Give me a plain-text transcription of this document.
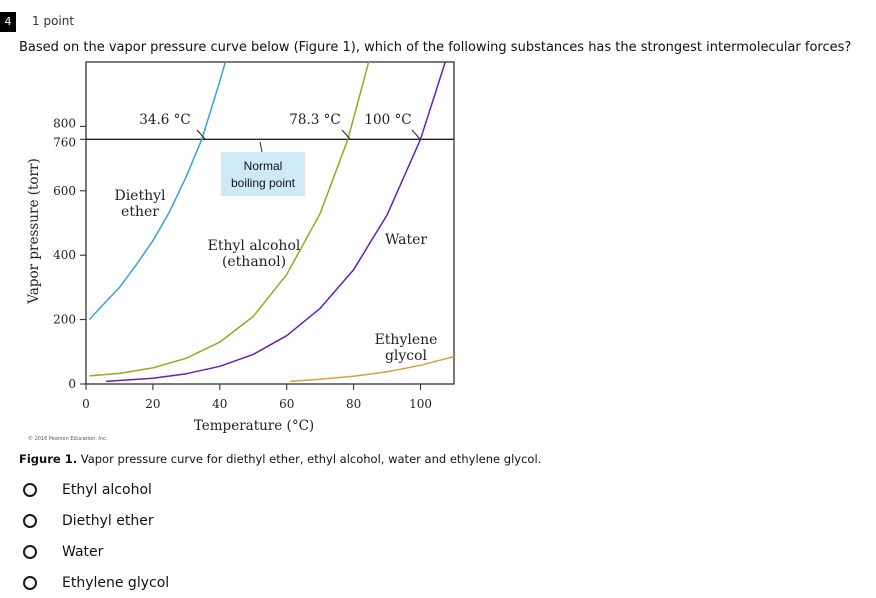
4	1 point
Based on the vapor pressure curve below (Figure 1), which of the following substances has the strongest intermolecular forces?
0
200
400
600
760
800
0	20	40	60	80	100
Temperature (°C)
Vapor pressure (torr)	Diethyl ether
Ethyl alcohol (ethanol)
Water
Ethylene glycol
34.6 °C	78.3 °C 100 °C
Normal boiling point
© 2016 Pearson Education, Inc.
Figure 1. Vapor pressure curve for diethyl ether, ethyl alcohol, water and ethylene glycol.
Ethyl alcohol
Diethyl ether
Water
Ethylene glycol
